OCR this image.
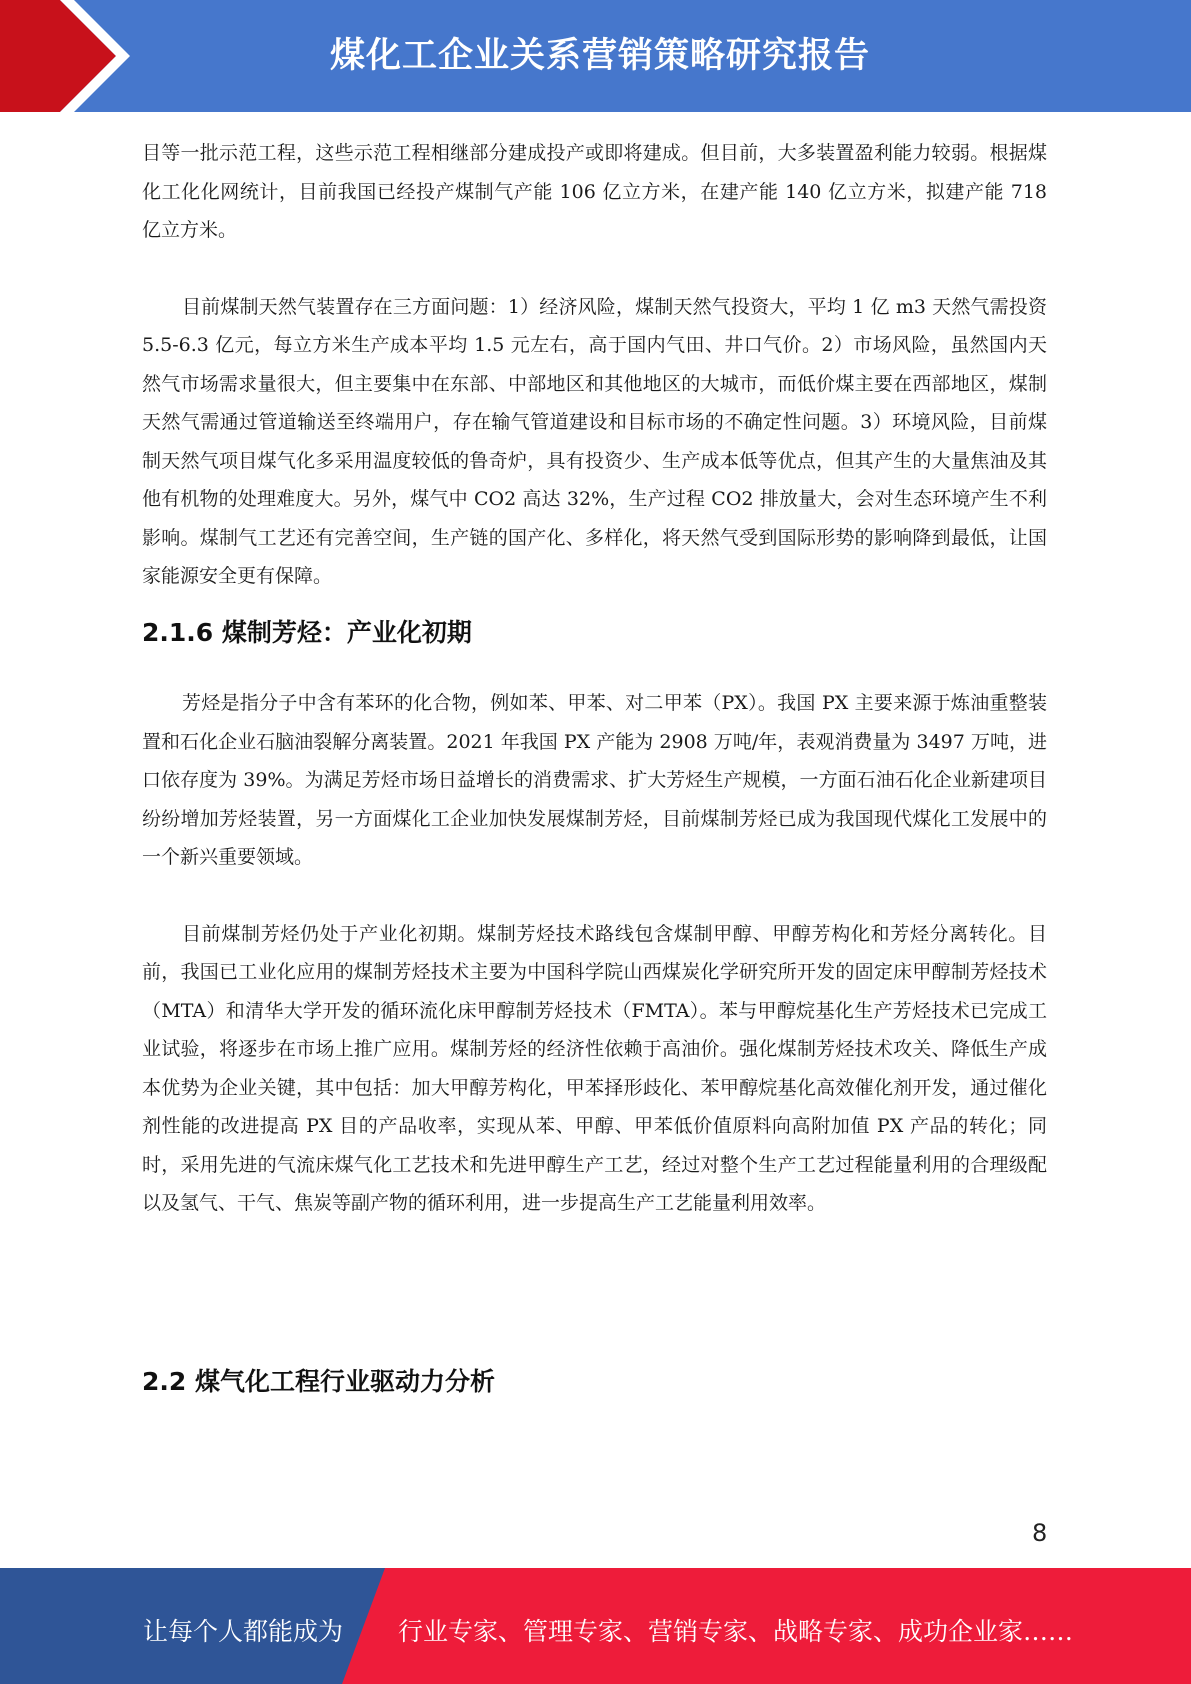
煤化工企业关系营销策略研究报告

目等一批示范工程，这些示范工程相继部分建成投产或即将建成。但目前，大多装置盈利能力较弱。根据煤化工化化网统计，目前我国已经投产煤制气产能 106 亿立方米，在建产能 140 亿立方米，拟建产能 718 亿立方米。

目前煤制天然气装置存在三方面问题：1）经济风险，煤制天然气投资大，平均 1 亿 m3 天然气需投资 5.5-6.3 亿元，每立方米生产成本平均 1.5 元左右，高于国内气田、井口气价。2）市场风险，虽然国内天然气市场需求量很大，但主要集中在东部、中部地区和其他地区的大城市，而低价煤主要在西部地区，煤制天然气需通过管道输送至终端用户，存在输气管道建设和目标市场的不确定性问题。3）环境风险，目前煤制天然气项目煤气化多采用温度较低的鲁奇炉，具有投资少、生产成本低等优点，但其产生的大量焦油及其他有机物的处理难度大。另外，煤气中 CO2 高达 32%，生产过程 CO2 排放量大，会对生态环境产生不利影响。煤制气工艺还有完善空间，生产链的国产化、多样化，将天然气受到国际形势的影响降到最低，让国家能源安全更有保障。

2.1.6 煤制芳烃：产业化初期

芳烃是指分子中含有苯环的化合物，例如苯、甲苯、对二甲苯（PX）。我国 PX 主要来源于炼油重整装置和石化企业石脑油裂解分离装置。2021 年我国 PX 产能为 2908 万吨/年，表观消费量为 3497 万吨，进口依存度为 39%。为满足芳烃市场日益增长的消费需求、扩大芳烃生产规模，一方面石油石化企业新建项目纷纷增加芳烃装置，另一方面煤化工企业加快发展煤制芳烃，目前煤制芳烃已成为我国现代煤化工发展中的一个新兴重要领域。

目前煤制芳烃仍处于产业化初期。煤制芳烃技术路线包含煤制甲醇、甲醇芳构化和芳烃分离转化。目前，我国已工业化应用的煤制芳烃技术主要为中国科学院山西煤炭化学研究所开发的固定床甲醇制芳烃技术（MTA）和清华大学开发的循环流化床甲醇制芳烃技术（FMTA）。苯与甲醇烷基化生产芳烃技术已完成工业试验，将逐步在市场上推广应用。煤制芳烃的经济性依赖于高油价。强化煤制芳烃技术攻关、降低生产成本优势为企业关键，其中包括：加大甲醇芳构化，甲苯择形歧化、苯甲醇烷基化高效催化剂开发，通过催化剂性能的改进提高 PX 目的产品收率，实现从苯、甲醇、甲苯低价值原料向高附加值 PX 产品的转化；同时，采用先进的气流床煤气化工艺技术和先进甲醇生产工艺，经过对整个生产工艺过程能量利用的合理级配以及氢气、干气、焦炭等副产物的循环利用，进一步提高生产工艺能量利用效率。

2.2 煤气化工程行业驱动力分析
8
让每个人都能成为 行业专家、管理专家、营销专家、战略专家、成功企业家……
